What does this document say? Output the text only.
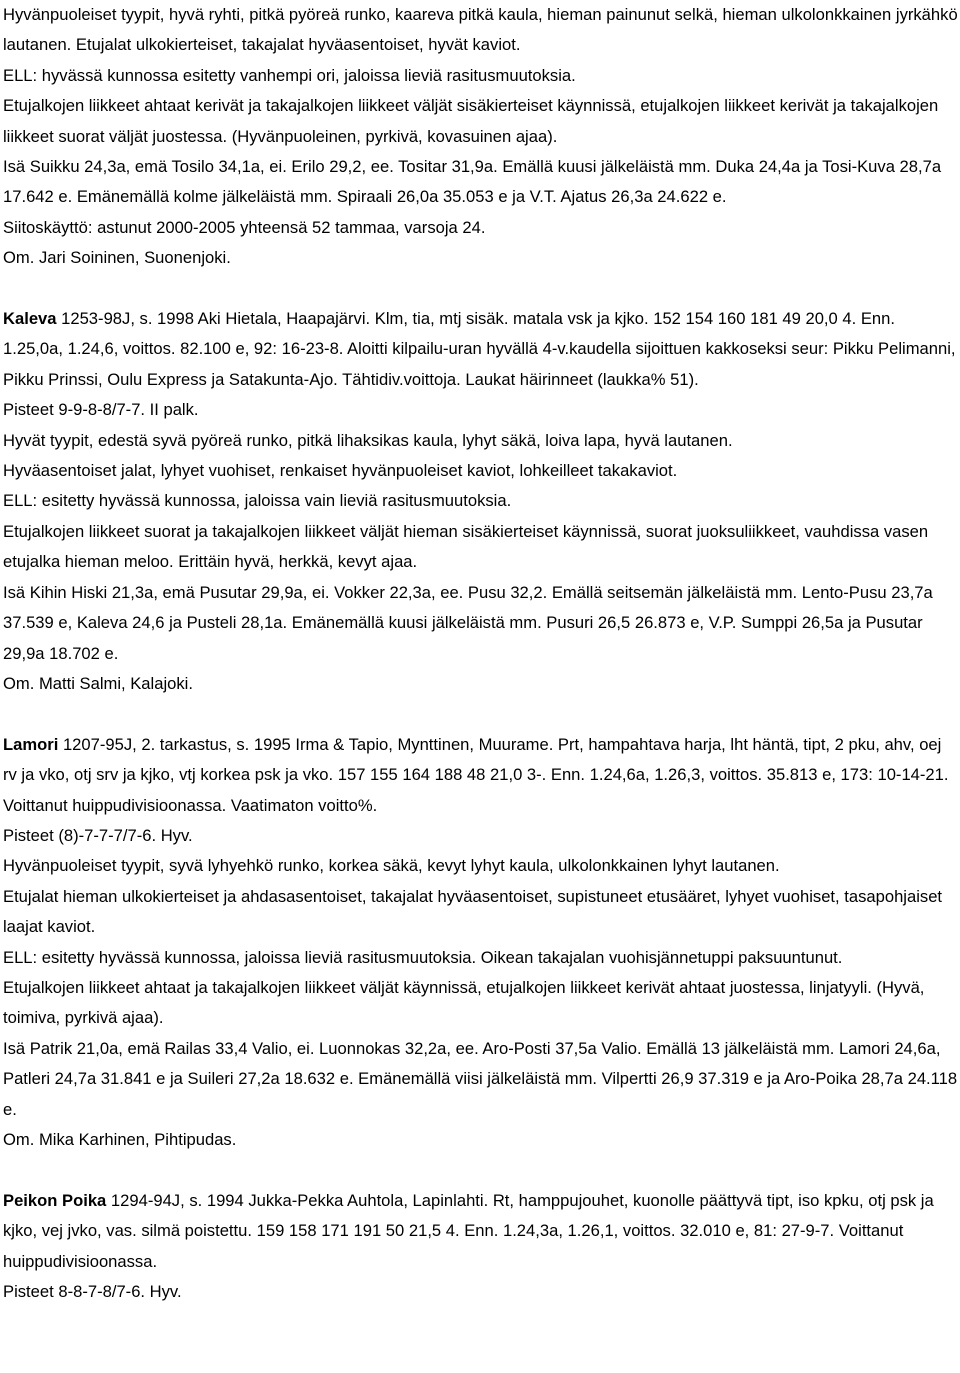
Hyvänpuoleiset tyypit, hyvä ryhti, pitkä pyöreä runko, kaareva pitkä kaula, hieman painunut selkä, hieman ulkolonkkainen jyrkähkö lautanen. Etujalat ulkokierteiset, takajalat hyväasentoiset, hyvät kaviot.

ELL: hyvässä kunnossa esitetty vanhempi ori, jaloissa lieviä rasitusmuutoksia.

Etujalkojen liikkeet ahtaat kerivät ja takajalkojen liikkeet väljät sisäkierteiset käynnissä, etujalkojen liikkeet kerivät ja takajalkojen liikkeet suorat väljät juostessa. (Hyvänpuoleinen, pyrkivä, kovasuinen ajaa).

Isä Suikku 24,3a, emä Tosilo 34,1a, ei. Erilo 29,2, ee. Tositar 31,9a. Emällä kuusi jälkeläistä mm. Duka 24,4a ja Tosi-Kuva 28,7a 17.642 e. Emänemällä kolme jälkeläistä mm. Spiraali 26,0a 35.053 e ja V.T. Ajatus 26,3a 24.622 e.

Siitoskäyttö: astunut 2000-2005 yhteensä 52 tammaa, varsoja 24.

Om. Jari Soininen, Suonenjoki.

Kaleva 1253-98J, s. 1998 Aki Hietala, Haapajärvi. Klm, tia, mtj sisäk. matala vsk ja kjko. 152 154 160 181 49 20,0 4. Enn. 1.25,0a, 1.24,6, voittos. 82.100 e, 92: 16-23-8. Aloitti kilpailu-uran hyvällä 4-v.kaudella sijoittuen kakkoseksi seur: Pikku Pelimanni, Pikku Prinssi, Oulu Express ja Satakunta-Ajo. Tähtidiv.voittoja. Laukat häirinneet (laukka% 51).

Pisteet 9-9-8-8/7-7. II palk.

Hyvät tyypit, edestä syvä pyöreä runko, pitkä lihaksikas kaula, lyhyt säkä, loiva lapa, hyvä lautanen.

Hyväasentoiset jalat, lyhyet vuohiset, renkaiset hyvänpuoleiset kaviot, lohkeilleet takakaviot.

ELL: esitetty hyvässä kunnossa, jaloissa vain lieviä rasitusmuutoksia.

Etujalkojen liikkeet suorat ja takajalkojen liikkeet väljät hieman sisäkierteiset käynnissä, suorat juoksuliikkeet, vauhdissa vasen etujalka hieman meloo. Erittäin hyvä, herkkä, kevyt ajaa.

Isä Kihin Hiski 21,3a, emä Pusutar 29,9a, ei. Vokker 22,3a, ee. Pusu 32,2. Emällä seitsemän jälkeläistä mm. Lento-Pusu 23,7a 37.539 e, Kaleva 24,6 ja Pusteli 28,1a. Emänemällä kuusi jälkeläistä mm. Pusuri 26,5 26.873 e, V.P. Sumppi 26,5a ja Pusutar 29,9a 18.702 e.

Om. Matti Salmi, Kalajoki.

Lamori 1207-95J, 2. tarkastus, s. 1995 Irma & Tapio, Mynttinen, Muurame. Prt, hampahtava harja, lht häntä, tipt, 2 pku, ahv, oej rv ja vko, otj srv ja kjko, vtj korkea psk ja vko. 157 155 164 188 48 21,0 3-. Enn. 1.24,6a, 1.26,3, voittos. 35.813 e, 173: 10-14-21. Voittanut huippudivisioonassa. Vaatimaton voitto%.

Pisteet (8)-7-7-7/7-6. Hyv.

Hyvänpuoleiset tyypit, syvä lyhyehkö runko, korkea säkä, kevyt lyhyt kaula, ulkolonkkainen lyhyt lautanen.

Etujalat hieman ulkokierteiset ja ahdasasentoiset, takajalat hyväasentoiset, supistuneet etusääret, lyhyet vuohiset, tasapohjaiset laajat kaviot.

ELL: esitetty hyvässä kunnossa, jaloissa lieviä rasitusmuutoksia. Oikean takajalan vuohisjännetuppi paksuuntunut.

Etujalkojen liikkeet ahtaat ja takajalkojen liikkeet väljät käynnissä, etujalkojen liikkeet kerivät ahtaat juostessa, linjatyyli. (Hyvä, toimiva, pyrkivä ajaa).

Isä Patrik 21,0a, emä Railas 33,4 Valio, ei. Luonnokas 32,2a, ee. Aro-Posti 37,5a Valio. Emällä 13 jälkeläistä mm. Lamori 24,6a, Patleri 24,7a 31.841 e ja Suileri 27,2a 18.632 e. Emänemällä viisi jälkeläistä mm. Vilpertti 26,9 37.319 e ja Aro-Poika 28,7a 24.118 e.

Om. Mika Karhinen, Pihtipudas.

Peikon Poika 1294-94J, s. 1994 Jukka-Pekka Auhtola, Lapinlahti. Rt, hamppujouhet, kuonolle päättyvä tipt, iso kpku, otj psk ja kjko, vej jvko, vas. silmä poistettu. 159 158 171 191 50 21,5 4. Enn. 1.24,3a, 1.26,1, voittos. 32.010 e, 81: 27-9-7. Voittanut huippudivisioonassa.

Pisteet 8-8-7-8/7-6. Hyv.
